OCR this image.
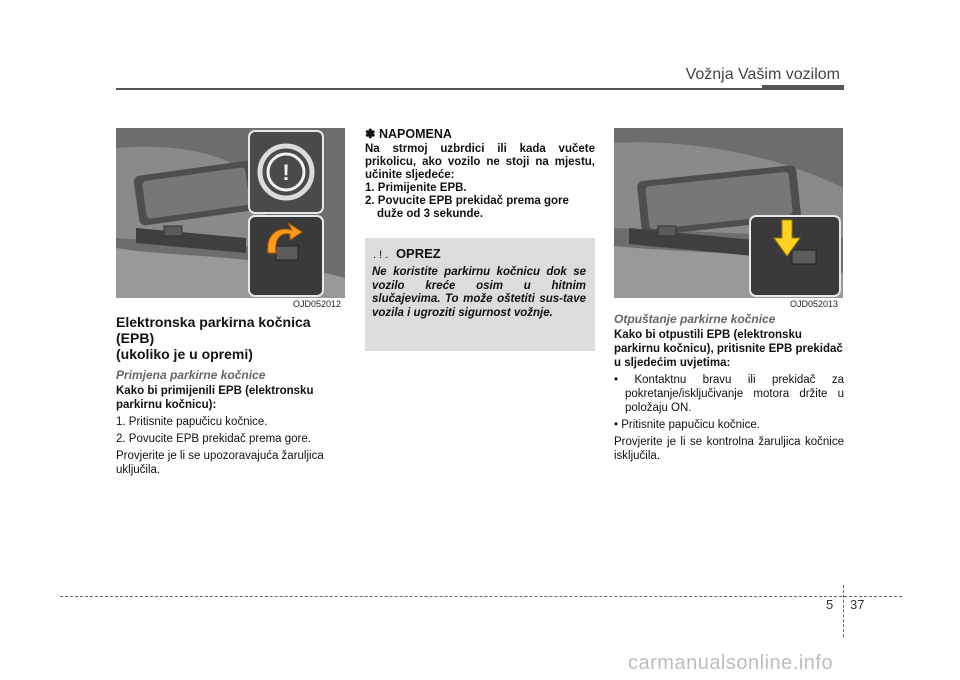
Vožnja Vašim vozilom
!
OJD052012

Elektronska parkirna kočnica (EPB)

(ukoliko je u opremi)

Primjena parkirne kočnice

Kako bi primijenili EPB (elektronsku parkirnu kočnicu):

1. Pritisnite papučicu kočnice.

2. Povucite EPB prekidač prema gore.

Provjerite je li se upozoravajuća žaruljica uključila.

✽ NAPOMENA

Na strmoj uzbrdici ili kada vučete prikolicu, ako vozilo ne stoji na mjestu, učinite sljedeće:

1. Primijenite EPB.

2. Povucite EPB prekidač prema gore duže od 3 sekunde.

. ! . OPREZ
Ne koristite parkirnu kočnicu dok se vozilo kreće osim u hitnim slučajevima. To može oštetiti sus-tave vozila i ugroziti sigurnost vožnje.
OJD052013

Otpuštanje parkirne kočnice

Kako bi otpustili EPB (elektronsku parkirnu kočnicu), pritisnite EPB prekidač u sljedećim uvjetima:

• Kontaktnu bravu ili prekidač za pokretanje/isključivanje motora držite u položaju ON.

• Pritisnite papučicu kočnice.

Provjerite je li se kontrolna žaruljica kočnice isključila.

5 37
carmanualsonline.info
